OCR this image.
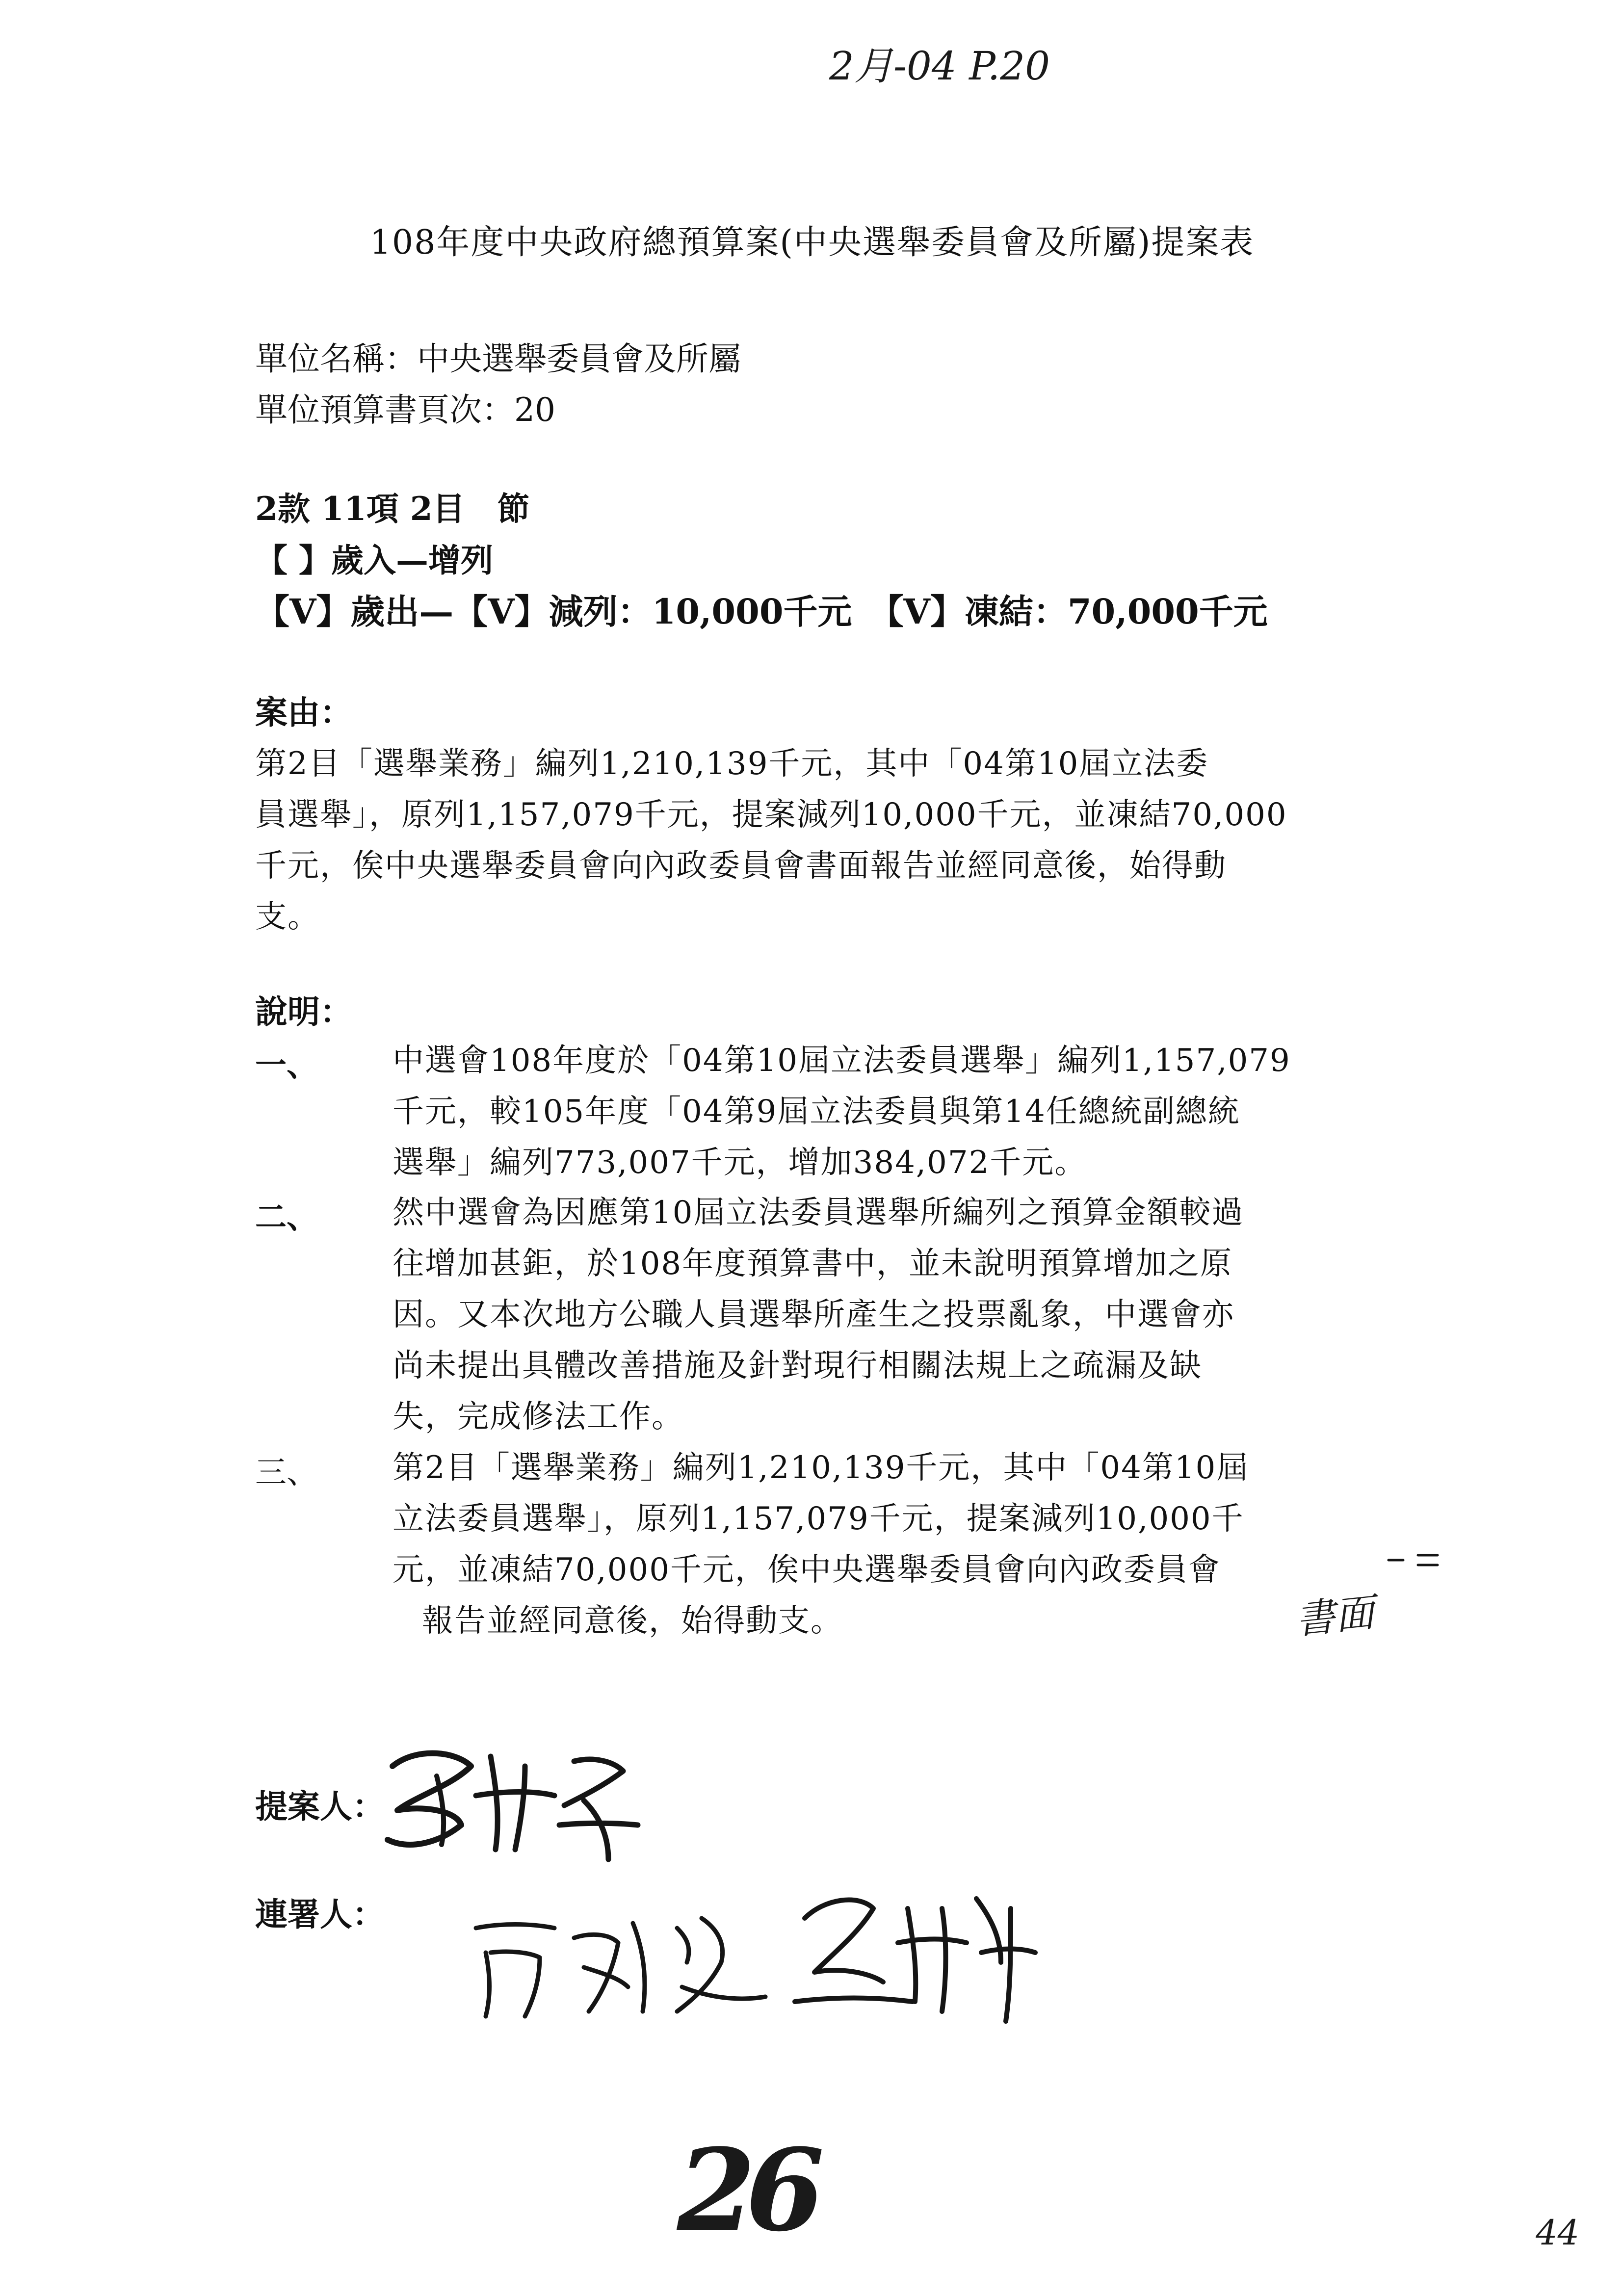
2月-04 P.20
108年度中央政府總預算案(中央選舉委員會及所屬)提案表
單位名稱：中央選舉委員會及所屬
單位預算書頁次：20
2款 11項 2目　節
【 】歲入—增列
【V】歲出—【V】減列：10,000千元　【V】凍結：70,000千元
案由：
第2目「選舉業務」編列1,210,139千元，其中「04第10屆立法委
員選舉」，原列1,157,079千元，提案減列10,000千元，並凍結70,000
千元，俟中央選舉委員會向內政委員會書面報告並經同意後，始得動
支。
說明：
一、 中選會108年度於「04第10屆立法委員選舉」編列1,157,079
千元，較105年度「04第9屆立法委員與第14任總統副總統
選舉」編列773,007千元，增加384,072千元。
二、 然中選會為因應第10屆立法委員選舉所編列之預算金額較過
往增加甚鉅，於108年度預算書中，並未說明預算增加之原
因。又本次地方公職人員選舉所產生之投票亂象，中選會亦
尚未提出具體改善措施及針對現行相關法規上之疏漏及缺
失，完成修法工作。
三、 第2目「選舉業務」編列1,210,139千元，其中「04第10屆
立法委員選舉」，原列1,157,079千元，提案減列10,000千
元，並凍結70,000千元，俟中央選舉委員會向內政委員會
報告並經同意後，始得動支。	書面
提案人：
連署人：
26	44
